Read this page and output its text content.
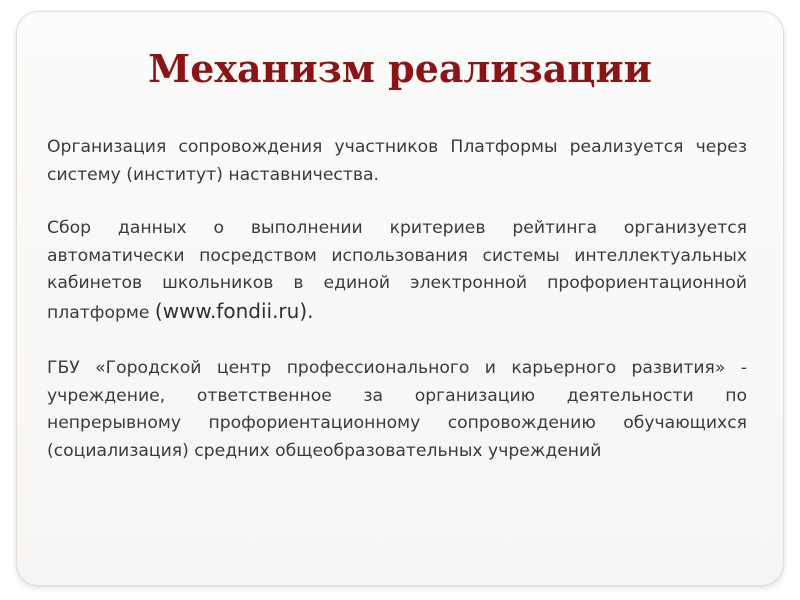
Механизм реализации

Организация сопровождения участников Платформы реализуется через систему (институт) наставничества.

Сбор данных о выполнении критериев рейтинга организуется автоматически посредством использования системы интеллектуальных кабинетов школьников в единой электронной профориентационной платформе (www.fondii.ru).

ГБУ «Городской центр профессионального и карьерного развития» - учреждение, ответственное за организацию деятельности по непрерывному профориентационному сопровождению обучающихся (социализация) средних общеобразовательных учреждений
